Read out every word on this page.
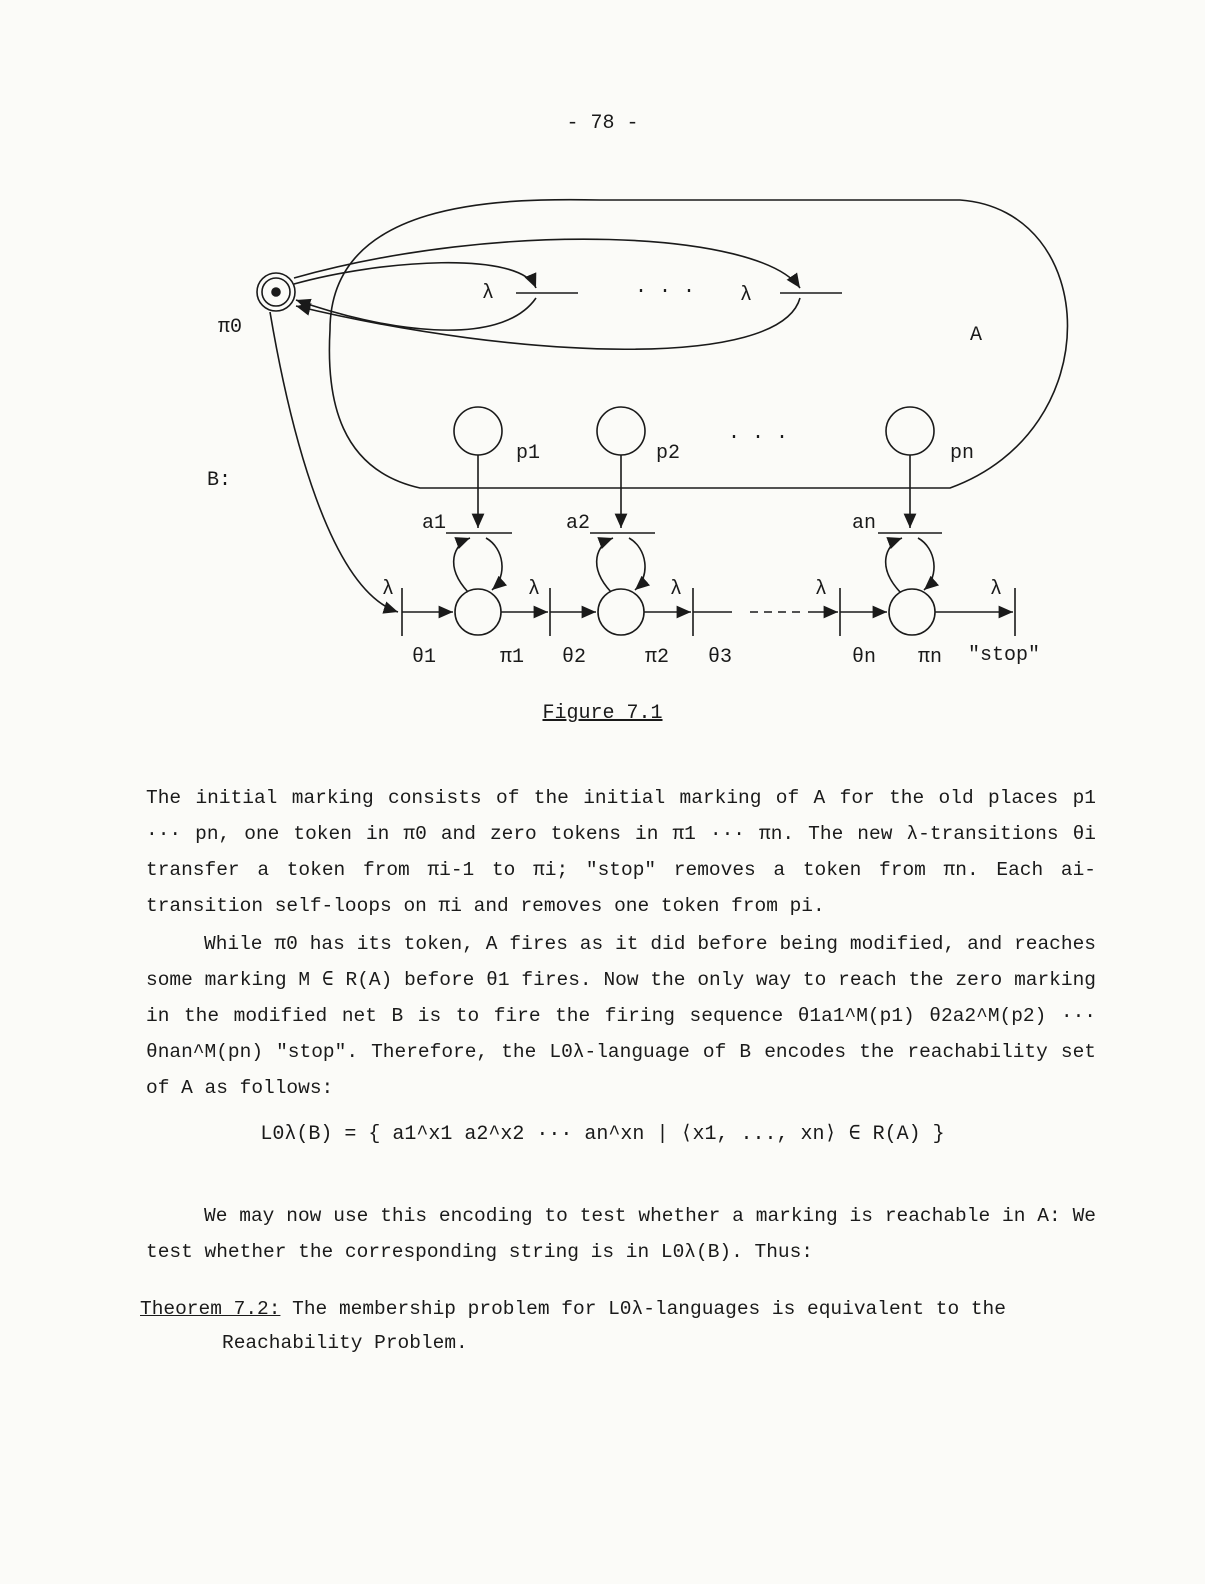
- 78 -
B:
A
π0
λ	λ
· · ·
· · ·
p1	p2	pn
a1	a2	an
λ	λ	λ	λ	λ
θ1	θ2	θ3	θn
π1	π2	πn "stop"
Figure 7.1
The initial marking consists of the initial marking of A for the old places p1 ··· pn, one token in π0 and zero tokens in π1 ··· πn. The new λ-transitions θi transfer a token from πi-1 to πi; "stop" removes a token from πn. Each ai-transition self-loops on πi and removes one token from pi.
While π0 has its token, A fires as it did before being modified, and reaches some marking M ∈ R(A) before θ1 fires. Now the only way to reach the zero marking in the modified net B is to fire the firing sequence θ1a1^M(p1) θ2a2^M(p2) ··· θnan^M(pn) "stop". Therefore, the L0λ-language of B encodes the reachability set of A as follows:
L0λ(B) = { a1^x1 a2^x2 ··· an^xn | ⟨x1, ..., xn⟩ ∈ R(A) }
We may now use this encoding to test whether a marking is reachable in A: We test whether the corresponding string is in L0λ(B). Thus:
Theorem 7.2: The membership problem for L0λ-languages is equivalent to the
Reachability Problem.
